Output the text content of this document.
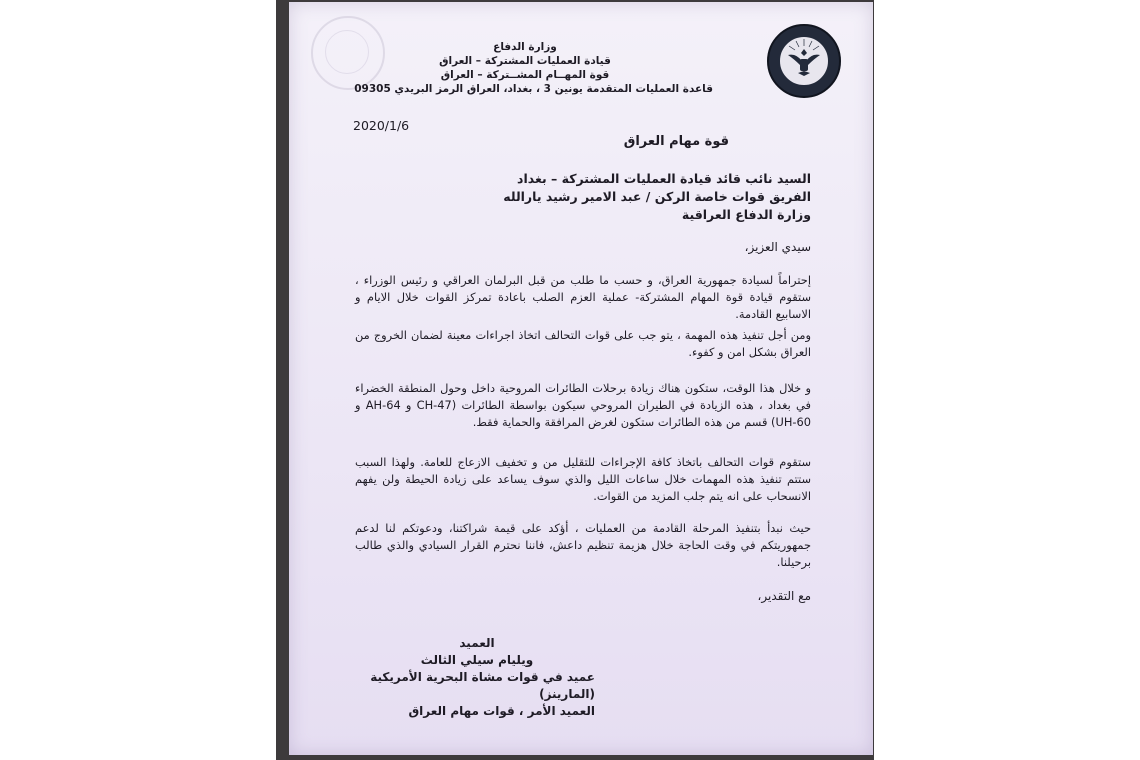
وزارة الدفاع
قيادة العمليات المشتركة – العراق
قوة المهــام المشــتركة – العراق
قاعدة العمليات المتقدمة يونين 3 ، بغداد، العراق الرمز البريدي 09305
2020/1/6
قوة مهام العراق
السيد نائب قائد قيادة العمليات المشتركة – بغداد
الفريق قوات خاصة الركن / عبد الامير رشيد يارالله
وزارة الدفاع العراقية
سيدي العزيز،
إحتراماً لسيادة جمهورية العراق، و حسب ما طلب من قبل البرلمان العراقي و رئيس الوزراء ، ستقوم قيادة قوة المهام المشتركة- عملية العزم الصلب باعادة تمركز القوات خلال الايام و الاسابيع القادمة.
ومن أجل تنفيذ هذه المهمة ، يتو جب على قوات التحالف اتخاذ اجراءات معينة لضمان الخروج من العراق بشكل امن و كفوء.
و خلال هذا الوقت، ستكون هناك زيادة برحلات الطائرات المروحية داخل وحول المنطقة الخضراء في بغداد ، هذه الزيادة في الطيران المروحي سيكون بواسطة الطائرات (CH-47 و AH-64 و UH-60) قسم من هذه الطائرات ستكون لغرض المرافقة والحماية فقط.
ستقوم قوات التحالف باتخاذ كافة الإجراءات للتقليل من و تخفيف الازعاج للعامة. ولهذا السبب ستتم تنفيذ هذه المهمات خلال ساعات الليل والذي سوف يساعد على زيادة الحيطة ولن يفهم الانسحاب على انه يتم جلب المزيد من القوات.
حيث نبدأ بتنفيذ المرحلة القادمة من العمليات ، أؤكد على قيمة شراكتنا، ودعوتكم لنا لدعم جمهوريتكم في وقت الحاجة خلال هزيمة تنظيم داعش، فاننا نحترم القرار السيادي والذي طالب برحيلنا.
مع التقدير،
العميد
ويليام سيلي الثالث
عميد في قوات مشاة البحرية الأمريكية (المارينز)
العميد الأمر ، قوات مهام العراق
